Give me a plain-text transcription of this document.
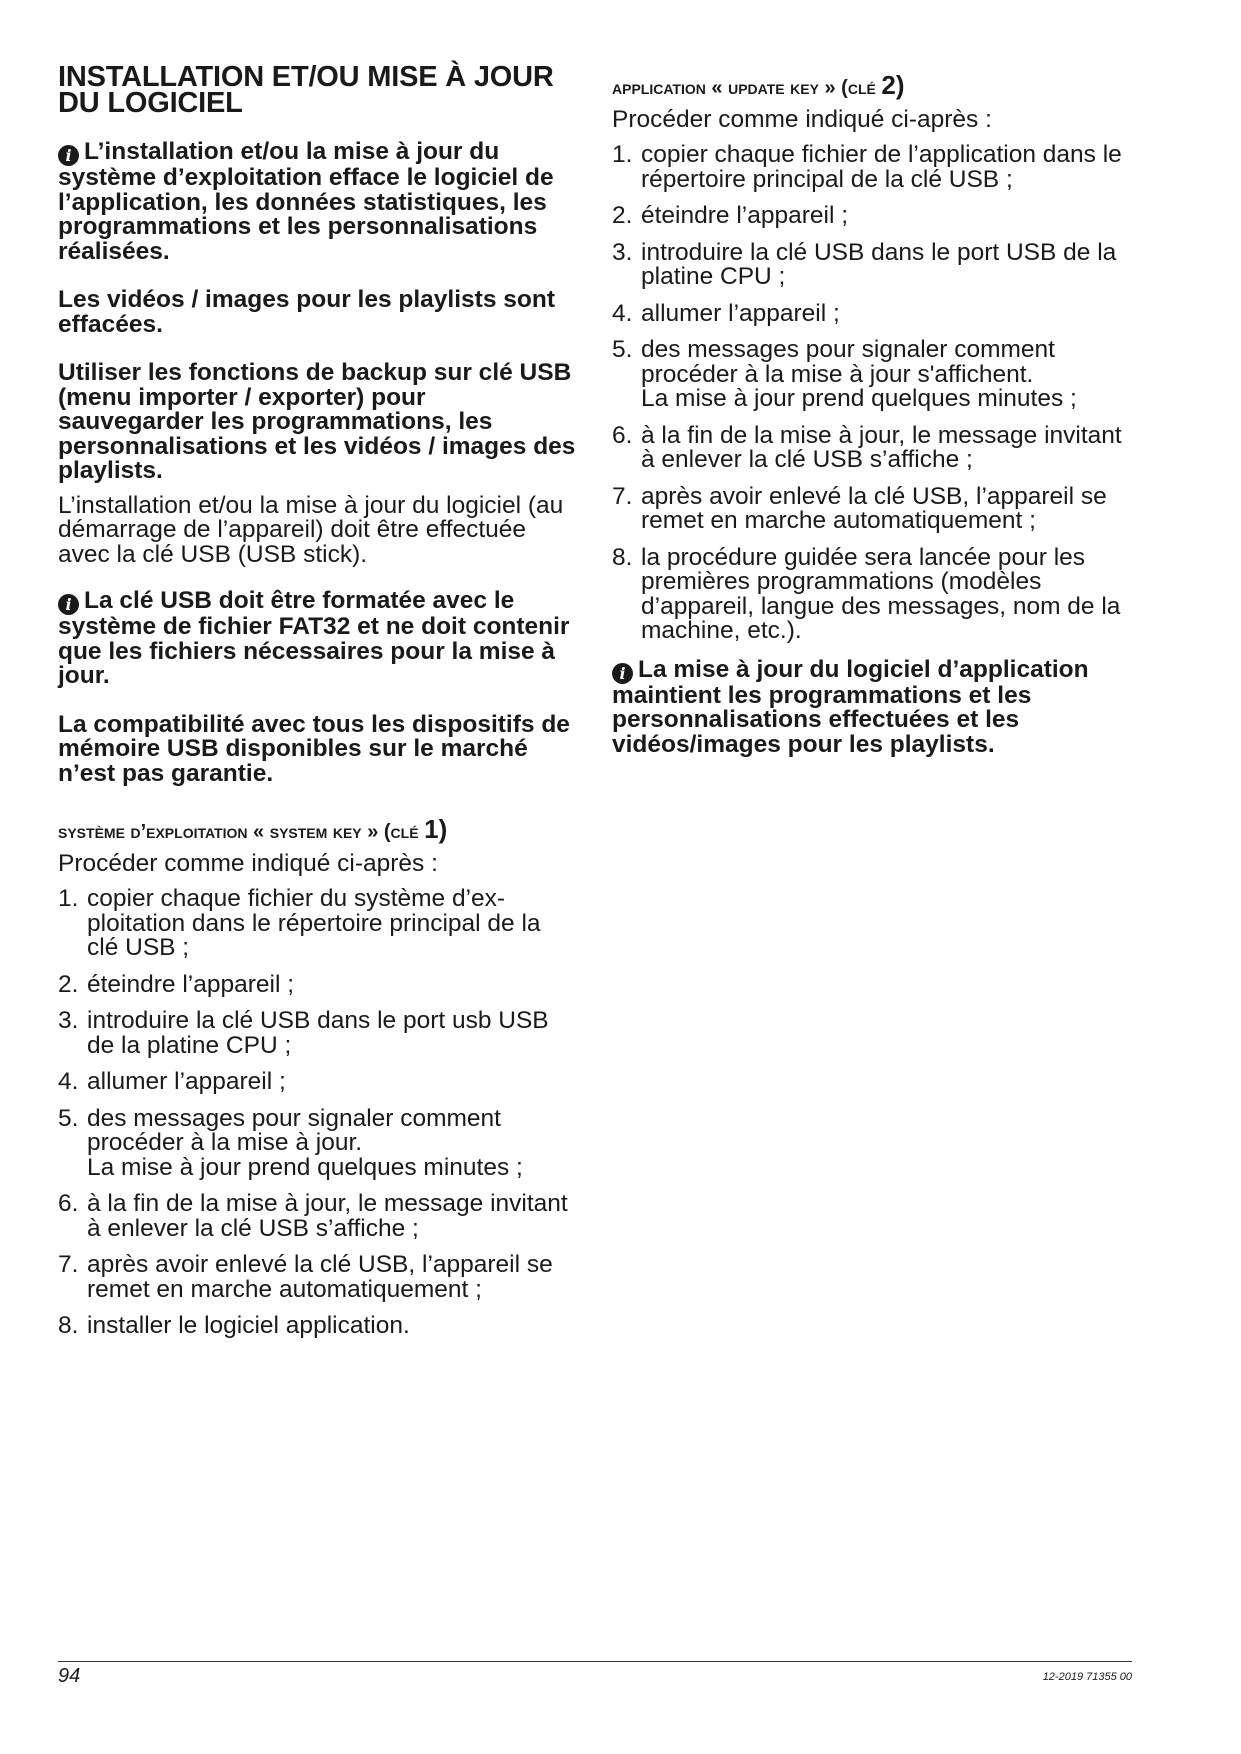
INSTALLATION ET/OU MISE À JOUR DU LOGICIEL

i L’installation et/ou la mise à jour du système d’exploitation efface le logiciel de l’application, les données statistiques, les programmations et les personnalisations réalisées.

Les vidéos / images pour les playlists sont effacées.

Utiliser les fonctions de backup sur clé USB (menu importer / exporter) pour sauvegarder les programmations, les personnalisations et les vidéos / images des playlists.

L’installation et/ou la mise à jour du logiciel (au démarrage de l’appareil) doit être effectuée avec la clé USB (USB stick).

i La clé USB doit être formatée avec le système de fichier FAT32 et ne doit contenir que les fichiers nécessaires pour la mise à jour.

La compatibilité avec tous les dispositifs de mémoire USB disponibles sur le marché n’est pas garantie.

système d’exploitation « system key » (clé 1)

Procéder comme indiqué ci-après :

1. copier chaque fichier du système d’exploitation dans le répertoire principal de la clé USB ;
2. éteindre l’appareil ;
3. introduire la clé USB dans le port usb USB de la platine CPU ;
4. allumer l’appareil ;
5. des messages pour signaler comment procéder à la mise à jour.
La mise à jour prend quelques minutes ;
6. à la fin de la mise à jour, le message invitant à enlever la clé USB s’affiche ;
7. après avoir enlevé la clé USB, l’appareil se remet en marche automatiquement ;
8. installer le logiciel application.
application « update key » (clé 2)

Procéder comme indiqué ci-après :

1. copier chaque fichier de l’application dans le répertoire principal de la clé USB ;
2. éteindre l’appareil ;
3. introduire la clé USB dans le port USB de la platine CPU ;
4. allumer l’appareil ;
5. des messages pour signaler comment procéder à la mise à jour s'affichent.
La mise à jour prend quelques minutes ;
6. à la fin de la mise à jour, le message invitant à enlever la clé USB s’affiche ;
7. après avoir enlevé la clé USB, l’appareil se remet en marche automatiquement ;
8. la procédure guidée sera lancée pour les premières programmations (modèles d’appareil, langue des messages, nom de la machine, etc.).

i La mise à jour du logiciel d’application maintient les programmations et les personnalisations effectuées et les vidéos/images pour les playlists.

94	12-2019 71355 00
